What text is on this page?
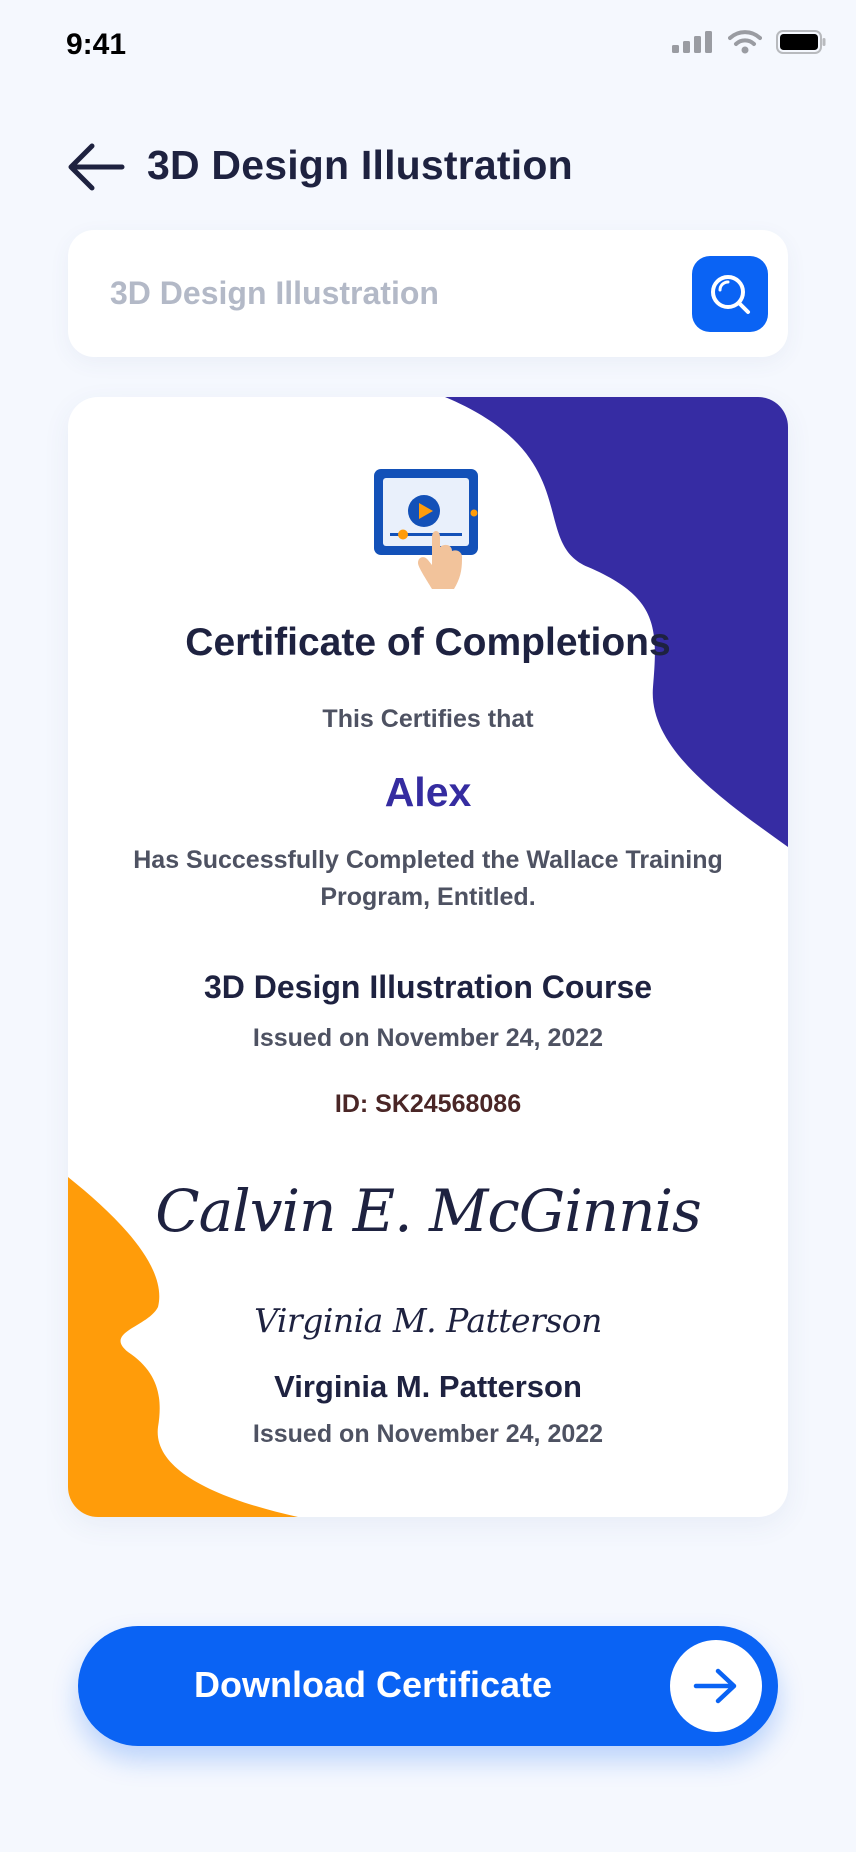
9:41
3D Design Illustration
3D Design Illustration
Certificate of Completions
This Certifies that
Alex
Has Successfully Completed the Wallace Training Program, Entitled.
3D Design Illustration Course
Issued on November 24, 2022
ID: SK24568086
Calvin E. McGinnis
Virginia M. Patterson
Virginia M. Patterson
Issued on November 24, 2022
Download Certificate
